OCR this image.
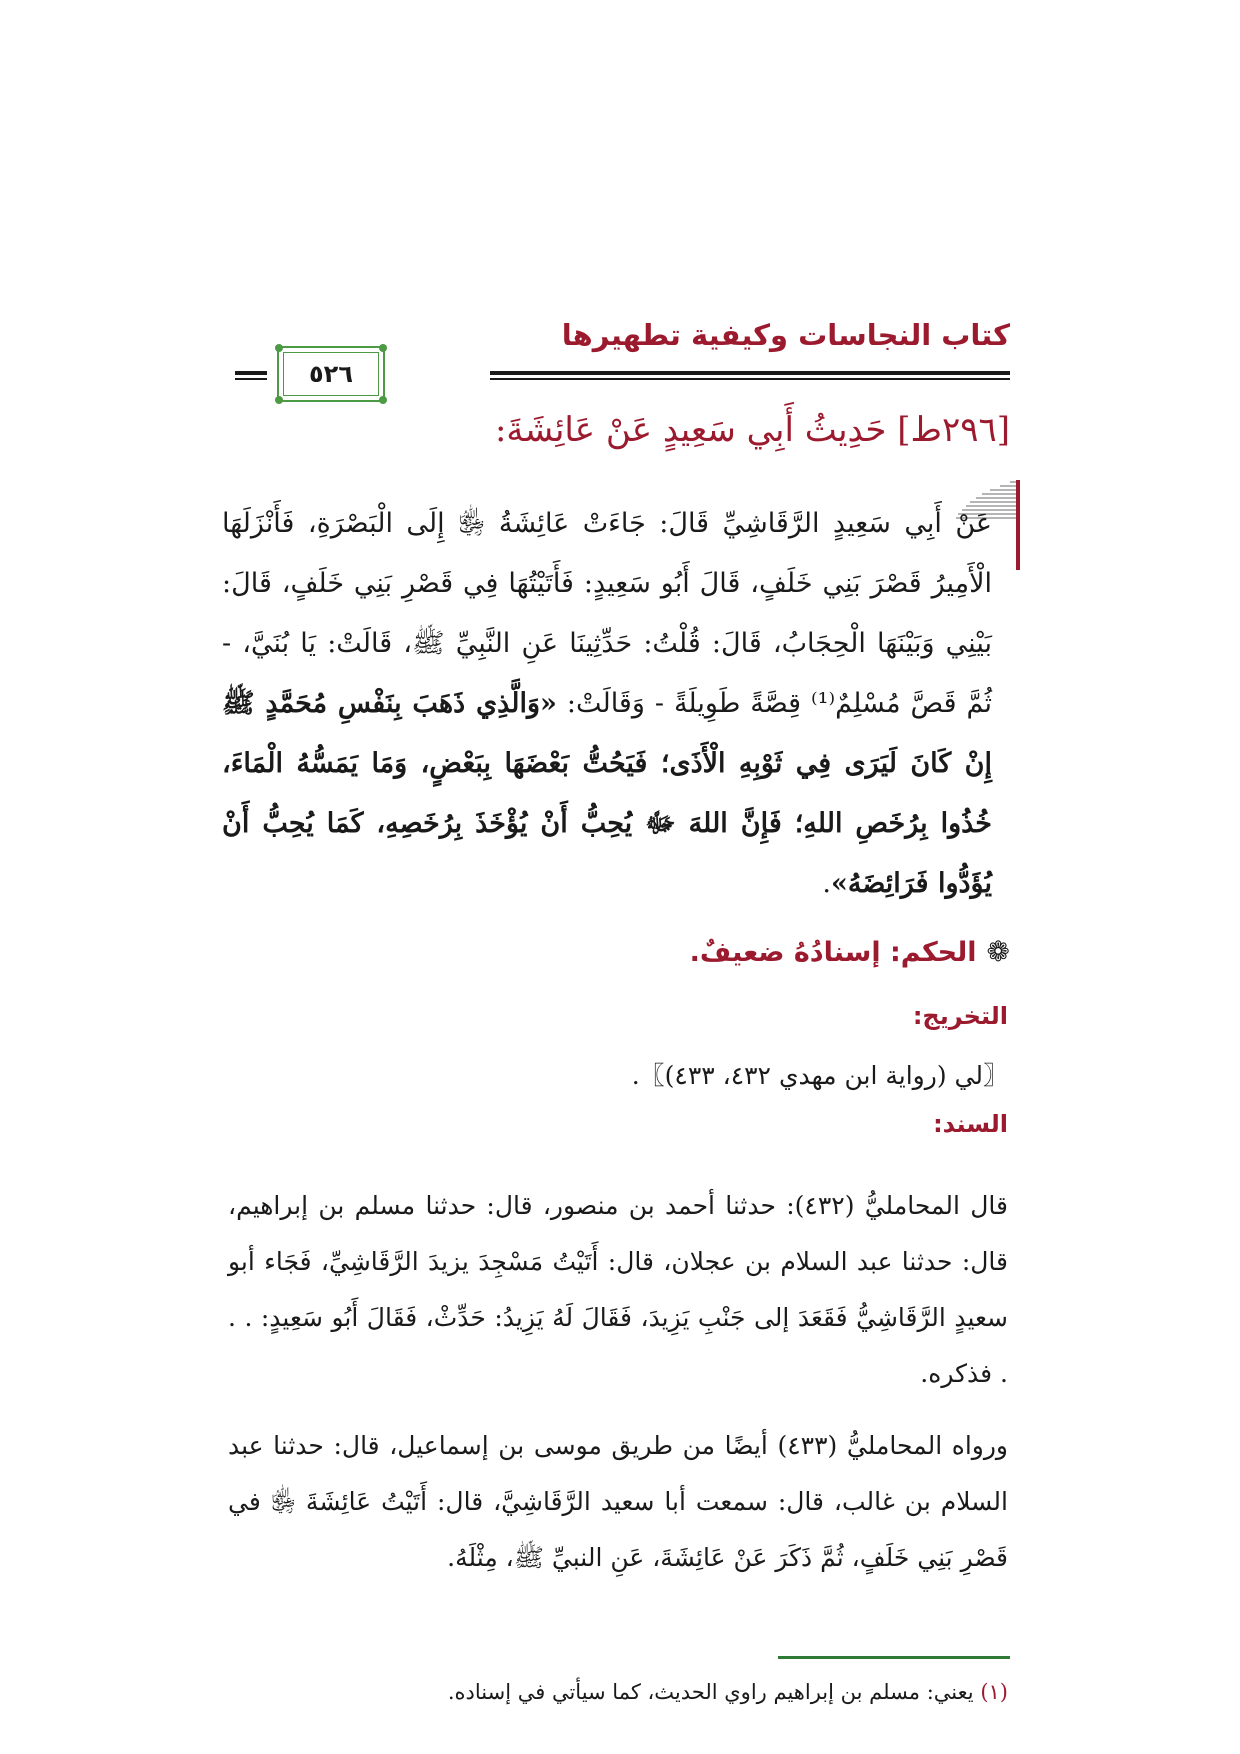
كتاب النجاسات وكيفية تطهيرها
٥٢٦
[٢٩٦ط] حَدِيثُ أَبِي سَعِيدٍ عَنْ عَائِشَةَ:
عَنْ أَبِي سَعِيدٍ الرَّقَاشِيِّ قَالَ: جَاءَتْ عَائِشَةُ ﵂ إِلَى الْبَصْرَةِ، فَأَنْزَلَهَا الْأَمِيرُ قَصْرَ بَنِي خَلَفٍ، قَالَ أَبُو سَعِيدٍ: فَأَتَيْتُهَا فِي قَصْرِ بَنِي خَلَفٍ، قَالَ: بَيْنِي وَبَيْنَهَا الْحِجَابُ، قَالَ: قُلْتُ: حَدِّثِينَا عَنِ النَّبِيِّ ﷺ، قَالَتْ: يَا بُنَيَّ، - ثُمَّ قَصَّ مُسْلِمٌ⁽¹⁾ قِصَّةً طَوِيلَةً - وَقَالَتْ: «وَالَّذِي ذَهَبَ بِنَفْسِ مُحَمَّدٍ ﷺ إِنْ كَانَ لَيَرَى فِي ثَوْبِهِ الْأَذَى؛ فَيَحُتُّ بَعْضَهَا بِبَعْضٍ، وَمَا يَمَسُّهُ الْمَاءَ، خُذُوا بِرُخَصِ اللهِ؛ فَإِنَّ اللهَ ﷻ يُحِبُّ أَنْ يُؤْخَذَ بِرُخَصِهِ، كَمَا يُحِبُّ أَنْ يُؤَدُّوا فَرَائِضَهُ».
❁الحكم: إسنادُهُ ضعيفٌ.
التخريج:
〖لي (رواية ابن مهدي ٤٣٢، ٤٣٣)〗.
السند:
قال المحامليُّ (٤٣٢): حدثنا أحمد بن منصور، قال: حدثنا مسلم بن إبراهيم، قال: حدثنا عبد السلام بن عجلان، قال: أَتَيْتُ مَسْجِدَ يزيدَ الرَّقَاشِيِّ، فَجَاء أبو سعيدٍ الرَّقَاشِيُّ فَقَعَدَ إلى جَنْبِ يَزِيدَ، فَقَالَ لَهُ يَزِيدُ: حَدِّثْ، فَقَالَ أَبُو سَعِيدٍ: . . . فذكره.
ورواه المحامليُّ (٤٣٣) أيضًا من طريق موسى بن إسماعيل، قال: حدثنا عبد السلام بن غالب، قال: سمعت أبا سعيد الرَّقَاشِيَّ، قال: أَتَيْتُ عَائِشَةَ ﵂ في قَصْرِ بَنِي خَلَفٍ، ثُمَّ ذَكَرَ عَنْ عَائِشَةَ، عَنِ النبيِّ ﷺ، مِثْلَهُ.
(١) يعني: مسلم بن إبراهيم راوي الحديث، كما سيأتي في إسناده.
